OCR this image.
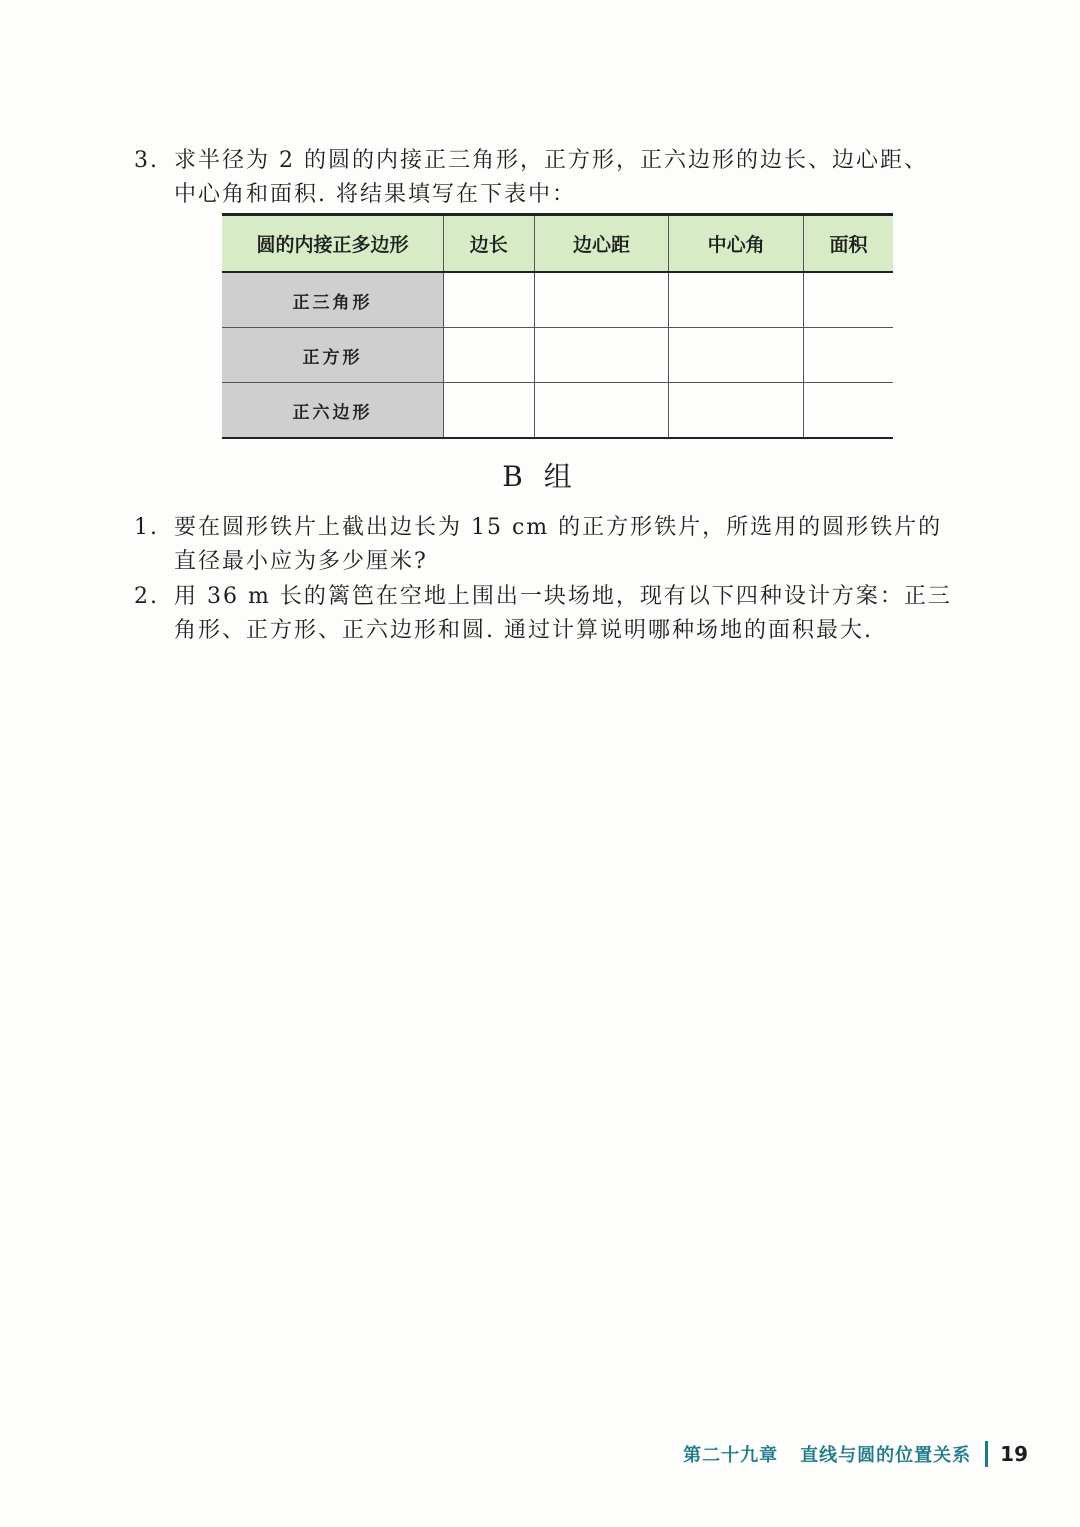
3. 求半径为 2 的圆的内接正三角形，正方形，正六边形的边长、边心距、
中心角和面积. 将结果填写在下表中：
圆的内接正多边形	边长	边心距	中心角	面积
正三角形				
正方形				
正六边形				
B 组
1. 要在圆形铁片上截出边长为 15 cm 的正方形铁片，所选用的圆形铁片的
直径最小应为多少厘米?
2. 用 36 m 长的篱笆在空地上围出一块场地，现有以下四种设计方案：正三
角形、正方形、正六边形和圆. 通过计算说明哪种场地的面积最大.
第二十九章 直线与圆的位置关系 19
